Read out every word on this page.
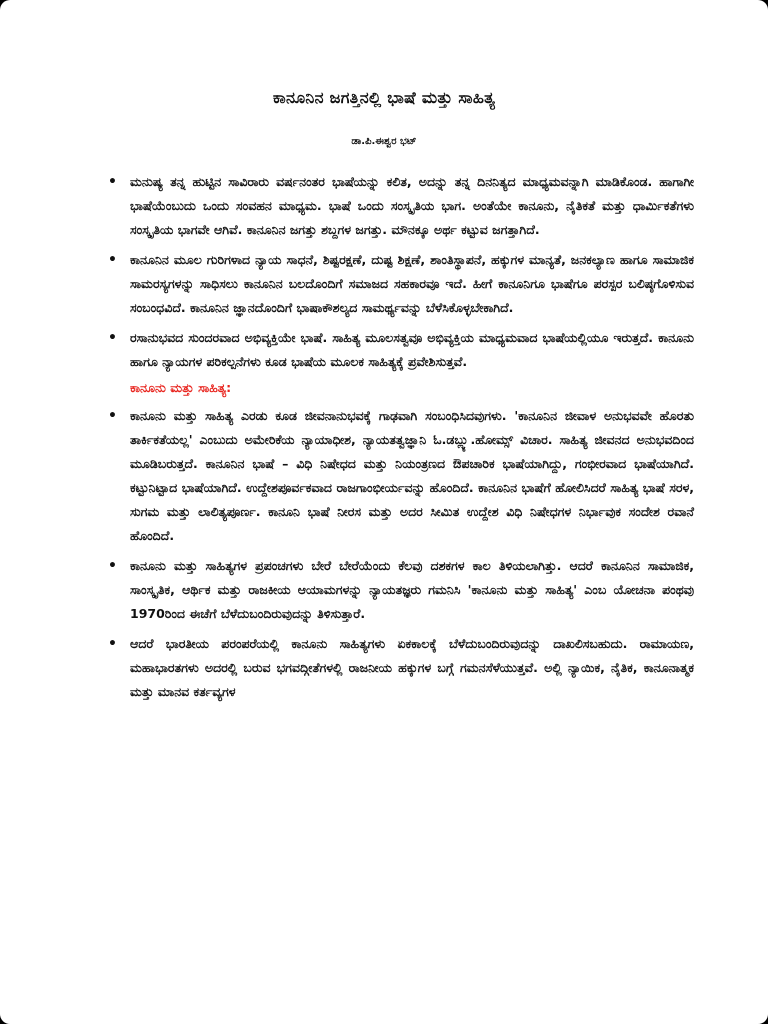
ಕಾನೂನಿನ ಜಗತ್ತಿನಲ್ಲಿ ಭಾಷೆ ಮತ್ತು ಸಾಹಿತ್ಯ
ಡಾ.ಪಿ.ಈಶ್ವರ ಭಟ್
• ಮನುಷ್ಯ ತನ್ನ ಹುಟ್ಟಿನ ಸಾವಿರಾರು ವರ್ಷನಂತರ ಭಾಷೆಯನ್ನು ಕಲಿತ, ಅದನ್ನು ತನ್ನ ದಿನನಿತ್ಯದ ಮಾಧ್ಯಮವನ್ನಾಗಿ ಮಾಡಿಕೊಂಡ. ಹಾಗಾಗೀ ಭಾಷೆಯೆಂಬುದು ಒಂದು ಸಂವಹನ ಮಾಧ್ಯಮ. ಭಾಷೆ ಒಂದು ಸಂಸ್ಕೃತಿಯ ಭಾಗ. ಅಂತೆಯೇ ಕಾನೂನು, ನೈತಿಕತೆ ಮತ್ತು ಧಾರ್ಮಿಕತೆಗಳು ಸಂಸ್ಕೃತಿಯ ಭಾಗವೇ ಆಗಿವೆ. ಕಾನೂನಿನ ಜಗತ್ತು ಶಬ್ದಗಳ ಜಗತ್ತು. ಮೌನಕ್ಕೂ ಅರ್ಥ ಕಟ್ಟುವ ಜಗತ್ತಾಗಿದೆ.
• ಕಾನೂನಿನ ಮೂಲ ಗುರಿಗಳಾದ ನ್ಯಾಯ ಸಾಧನೆ, ಶಿಷ್ಟರಕ್ಷಣೆ, ದುಷ್ಟ ಶಿಕ್ಷಣೆ, ಶಾಂತಿಸ್ಥಾಪನೆ, ಹಕ್ಕುಗಳ ಮಾನ್ಯತೆ, ಜನಕಲ್ಯಾಣ ಹಾಗೂ ಸಾಮಾಜಿಕ ಸಾಮರಸ್ಯಗಳನ್ನು ಸಾಧಿಸಲು ಕಾನೂನಿನ ಬಲದೊಂದಿಗೆ ಸಮಾಜದ ಸಹಕಾರವೂ ಇದೆ. ಹೀಗೆ ಕಾನೂನಿಗೂ ಭಾಷೆಗೂ ಪರಸ್ಪರ ಬಲಿಷ್ಠಗೊಳಿಸುವ ಸಂಬಂಧವಿದೆ. ಕಾನೂನಿನ ಜ್ಞಾನದೊಂದಿಗೆ ಭಾಷಾಕೌಶಲ್ಯದ ಸಾಮರ್ಥ್ಯವನ್ನು ಬೆಳೆಸಿಕೊಳ್ಳಬೇಕಾಗಿದೆ.
• ರಸಾನುಭವದ ಸುಂದರವಾದ ಅಭಿವ್ಯಕ್ತಿಯೇ ಭಾಷೆ. ಸಾಹಿತ್ಯ ಮೂಲಸತ್ವವೂ ಅಭಿವ್ಯಕ್ತಿಯ ಮಾಧ್ಯಮವಾದ ಭಾಷೆಯಲ್ಲಿಯೂ ಇರುತ್ತದೆ. ಕಾನೂನು ಹಾಗೂ ನ್ಯಾಯಗಳ ಪರಿಕಲ್ಪನೆಗಳು ಕೂಡ ಭಾಷೆಯ ಮೂಲಕ ಸಾಹಿತ್ಯಕ್ಕೆ ಪ್ರವೇಶಿಸುತ್ತವೆ.
ಕಾನೂನು ಮತ್ತು ಸಾಹಿತ್ಯ:
• ಕಾನೂನು ಮತ್ತು ಸಾಹಿತ್ಯ ಎರಡು ಕೂಡ ಜೀವನಾನುಭವಕ್ಕೆ ಗಾಢವಾಗಿ ಸಂಬಂಧಿಸಿದವುಗಳು. 'ಕಾನೂನಿನ ಜೀವಾಳ ಅನುಭವವೇ ಹೊರತು ತಾರ್ಕಿಕತೆಯಲ್ಲ' ಎಂಬುದು ಅಮೇರಿಕೆಯ ನ್ಯಾಯಾಧೀಶ, ನ್ಯಾಯತತ್ವಜ್ಞಾನಿ ಓ.ಡಬ್ಲ್ಯು.ಹೋಮ್ಸ್ ವಿಚಾರ. ಸಾಹಿತ್ಯ ಜೀವನದ ಅನುಭವದಿಂದ ಮೂಡಿಬರುತ್ತದೆ. ಕಾನೂನಿನ ಭಾಷೆ – ವಿಧಿ ನಿಷೇಧದ ಮತ್ತು ನಿಯಂತ್ರಣದ ಔಪಚಾರಿಕ ಭಾಷೆಯಾಗಿದ್ದು, ಗಂಭೀರವಾದ ಭಾಷೆಯಾಗಿದೆ. ಕಟ್ಟುನಿಟ್ಟಾದ ಭಾಷೆಯಾಗಿದೆ. ಉದ್ದೇಶಪೂರ್ವಕವಾದ ರಾಜಗಾಂಭೀರ್ಯವನ್ನು ಹೊಂದಿದೆ. ಕಾನೂನಿನ ಭಾಷೆಗೆ ಹೋಲಿಸಿದರೆ ಸಾಹಿತ್ಯ ಭಾಷೆ ಸರಳ, ಸುಗಮ ಮತ್ತು ಲಾಲಿತ್ಯಪೂರ್ಣ. ಕಾನೂನಿ ಭಾಷೆ ನೀರಸ ಮತ್ತು ಅದರ ಸೀಮಿತ ಉದ್ದೇಶ ವಿಧಿ ನಿಷೇಧಗಳ ನಿರ್ಭಾವುಕ ಸಂದೇಶ ರವಾನೆ ಹೊಂದಿದೆ.
• ಕಾನೂನು ಮತ್ತು ಸಾಹಿತ್ಯಗಳ ಪ್ರಪಂಚಗಳು ಬೇರೆ ಬೇರೆಯೆಂದು ಕೆಲವು ದಶಕಗಳ ಕಾಲ ತಿಳಿಯಲಾಗಿತ್ತು. ಆದರೆ ಕಾನೂನಿನ ಸಾಮಾಜಿಕ, ಸಾಂಸ್ಕೃತಿಕ, ಆರ್ಥಿಕ ಮತ್ತು ರಾಜಕೀಯ ಆಯಾಮಗಳನ್ನು ನ್ಯಾಯತಜ್ಞರು ಗಮನಿಸಿ 'ಕಾನೂನು ಮತ್ತು ಸಾಹಿತ್ಯ' ಎಂಬ ಯೋಚನಾ ಪಂಥವು 1970ರಿಂದ ಈಚೆಗೆ ಬೆಳೆದುಬಂದಿರುವುದನ್ನು ತಿಳಿಸುತ್ತಾರೆ.
• ಆದರೆ ಭಾರತೀಯ ಪರಂಪರೆಯಲ್ಲಿ ಕಾನೂನು ಸಾಹಿತ್ಯಗಳು ಏಕಕಾಲಕ್ಕೆ ಬೆಳೆದುಬಂದಿರುವುದನ್ನು ದಾಖಲಿಸಬಹುದು. ರಾಮಾಯಣ, ಮಹಾಭಾರತಗಳು ಅದರಲ್ಲಿ ಬರುವ ಭಗವದ್ಗೀತೆಗಳಲ್ಲಿ ರಾಜನೀಯ ಹಕ್ಕುಗಳ ಬಗ್ಗೆ ಗಮನಸೆಳೆಯುತ್ತವೆ. ಅಲ್ಲಿ ನ್ಯಾಯಿಕ, ನೈತಿಕ, ಕಾನೂನಾತ್ಮಕ ಮತ್ತು ಮಾನವ ಕರ್ತವ್ಯಗಳ
